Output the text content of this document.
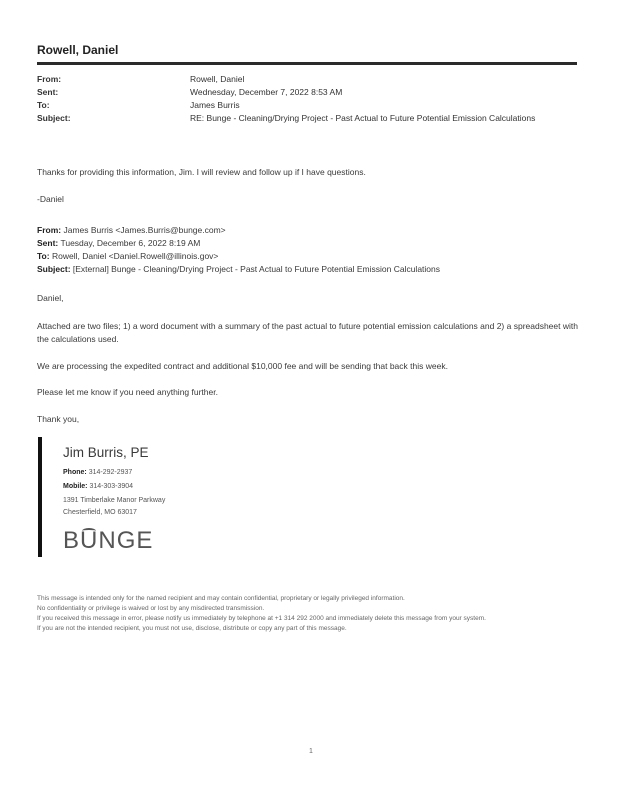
Rowell, Daniel
From:	Rowell, Daniel
Sent:	Wednesday, December 7, 2022 8:53 AM
To:	James Burris
Subject:	RE: Bunge - Cleaning/Drying Project - Past Actual to Future Potential Emission Calculations
Thanks for providing this information, Jim. I will review and follow up if I have questions.
-Daniel
From: James Burris <James.Burris@bunge.com>
Sent: Tuesday, December 6, 2022 8:19 AM
To: Rowell, Daniel <Daniel.Rowell@illinois.gov>
Subject: [External] Bunge - Cleaning/Drying Project - Past Actual to Future Potential Emission Calculations
Daniel,
Attached are two files; 1) a word document with a summary of the past actual to future potential emission calculations and 2) a spreadsheet with the calculations used.
We are processing the expedited contract and additional $10,000 fee and will be sending that back this week.
Please let me know if you need anything further.
Thank you,
Jim Burris, PE
Phone: 314-292-2937
Mobile: 314-303-3904
1391 Timberlake Manor Parkway
Chesterfield, MO 63017
BUNGE
This message is intended only for the named recipient and may contain confidential, proprietary or legally privileged information.
No confidentiality or privilege is waived or lost by any misdirected transmission.
If you received this message in error, please notify us immediately by telephone at +1 314 292 2000 and immediately delete this message from your system.
If you are not the intended recipient, you must not use, disclose, distribute or copy any part of this message.
1
